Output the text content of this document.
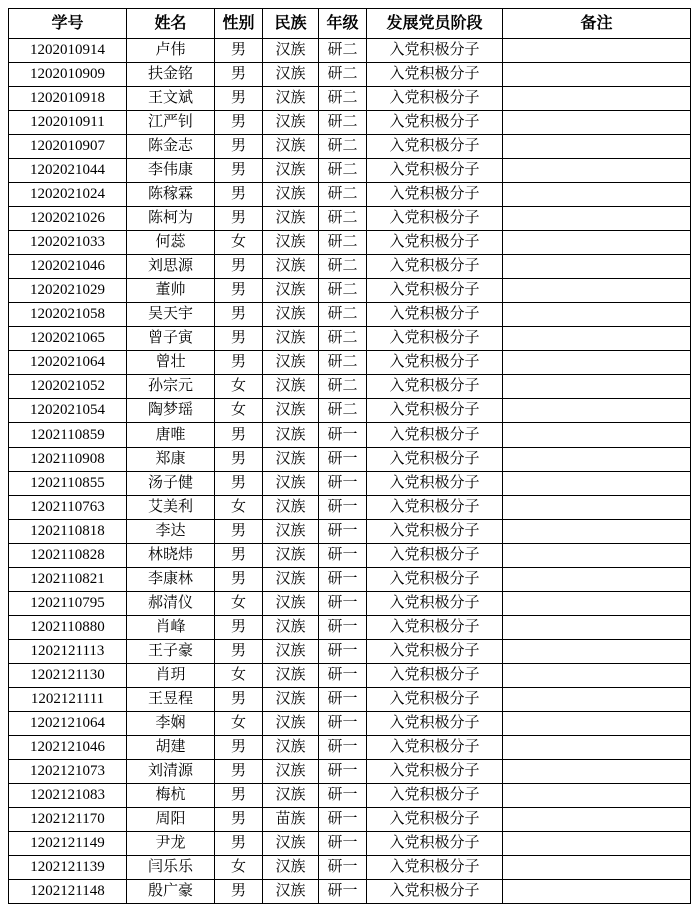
学号	姓名	性别	民族	年级	发展党员阶段	备注
1202010914	卢伟	男	汉族	研二	入党积极分子	
1202010909	扶金铭	男	汉族	研二	入党积极分子	
1202010918	王文斌	男	汉族	研二	入党积极分子	
1202010911	江严钊	男	汉族	研二	入党积极分子	
1202010907	陈金志	男	汉族	研二	入党积极分子	
1202021044	李伟康	男	汉族	研二	入党积极分子	
1202021024	陈稼霖	男	汉族	研二	入党积极分子	
1202021026	陈柯为	男	汉族	研二	入党积极分子	
1202021033	何蕊	女	汉族	研二	入党积极分子	
1202021046	刘思源	男	汉族	研二	入党积极分子	
1202021029	董帅	男	汉族	研二	入党积极分子	
1202021058	吴天宇	男	汉族	研二	入党积极分子	
1202021065	曾子寅	男	汉族	研二	入党积极分子	
1202021064	曾壮	男	汉族	研二	入党积极分子	
1202021052	孙宗元	女	汉族	研二	入党积极分子	
1202021054	陶梦瑶	女	汉族	研二	入党积极分子	
1202110859	唐唯	男	汉族	研一	入党积极分子	
1202110908	郑康	男	汉族	研一	入党积极分子	
1202110855	汤子健	男	汉族	研一	入党积极分子	
1202110763	艾美利	女	汉族	研一	入党积极分子	
1202110818	李达	男	汉族	研一	入党积极分子	
1202110828	林晓炜	男	汉族	研一	入党积极分子	
1202110821	李康林	男	汉族	研一	入党积极分子	
1202110795	郝清仪	女	汉族	研一	入党积极分子	
1202110880	肖峰	男	汉族	研一	入党积极分子	
1202121113	王子豪	男	汉族	研一	入党积极分子	
1202121130	肖玥	女	汉族	研一	入党积极分子	
1202121111	王昱程	男	汉族	研一	入党积极分子	
1202121064	李娴	女	汉族	研一	入党积极分子	
1202121046	胡建	男	汉族	研一	入党积极分子	
1202121073	刘清源	男	汉族	研一	入党积极分子	
1202121083	梅杭	男	汉族	研一	入党积极分子	
1202121170	周阳	男	苗族	研一	入党积极分子	
1202121149	尹龙	男	汉族	研一	入党积极分子	
1202121139	闫乐乐	女	汉族	研一	入党积极分子	
1202121148	殷广豪	男	汉族	研一	入党积极分子	
